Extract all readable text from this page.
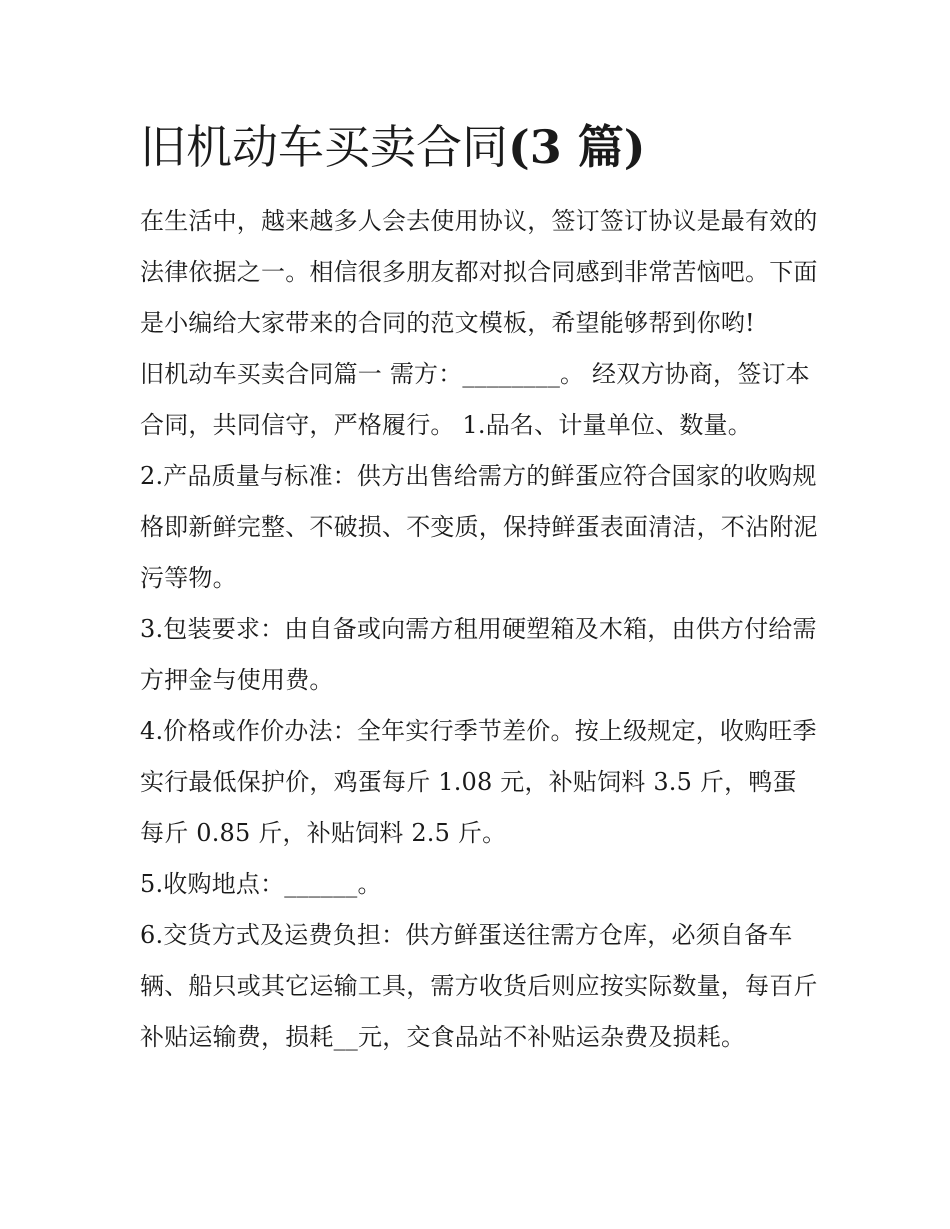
旧机动车买卖合同(3 篇)

在生活中，越来越多人会去使用协议，签订签订协议是最有效的法律依据之一。相信很多朋友都对拟合同感到非常苦恼吧。下面是小编给大家带来的合同的范文模板，希望能够帮到你哟!

旧机动车买卖合同篇一 需方：________。 经双方协商，签订本合同，共同信守，严格履行。 1.品名、计量单位、数量。

2.产品质量与标准：供方出售给需方的鲜蛋应符合国家的收购规格即新鲜完整、不破损、不变质，保持鲜蛋表面清洁，不沾附泥污等物。

3.包装要求：由自备或向需方租用硬塑箱及木箱，由供方付给需方押金与使用费。

4.价格或作价办法：全年实行季节差价。按上级规定，收购旺季实行最低保护价，鸡蛋每斤 1.08 元，补贴饲料 3.5 斤，鸭蛋每斤 0.85 斤，补贴饲料 2.5 斤。

5.收购地点：______。

6.交货方式及运费负担：供方鲜蛋送往需方仓库，必须自备车辆、船只或其它运输工具，需方收货后则应按实际数量，每百斤补贴运输费，损耗__元，交食品站不补贴运杂费及损耗。
